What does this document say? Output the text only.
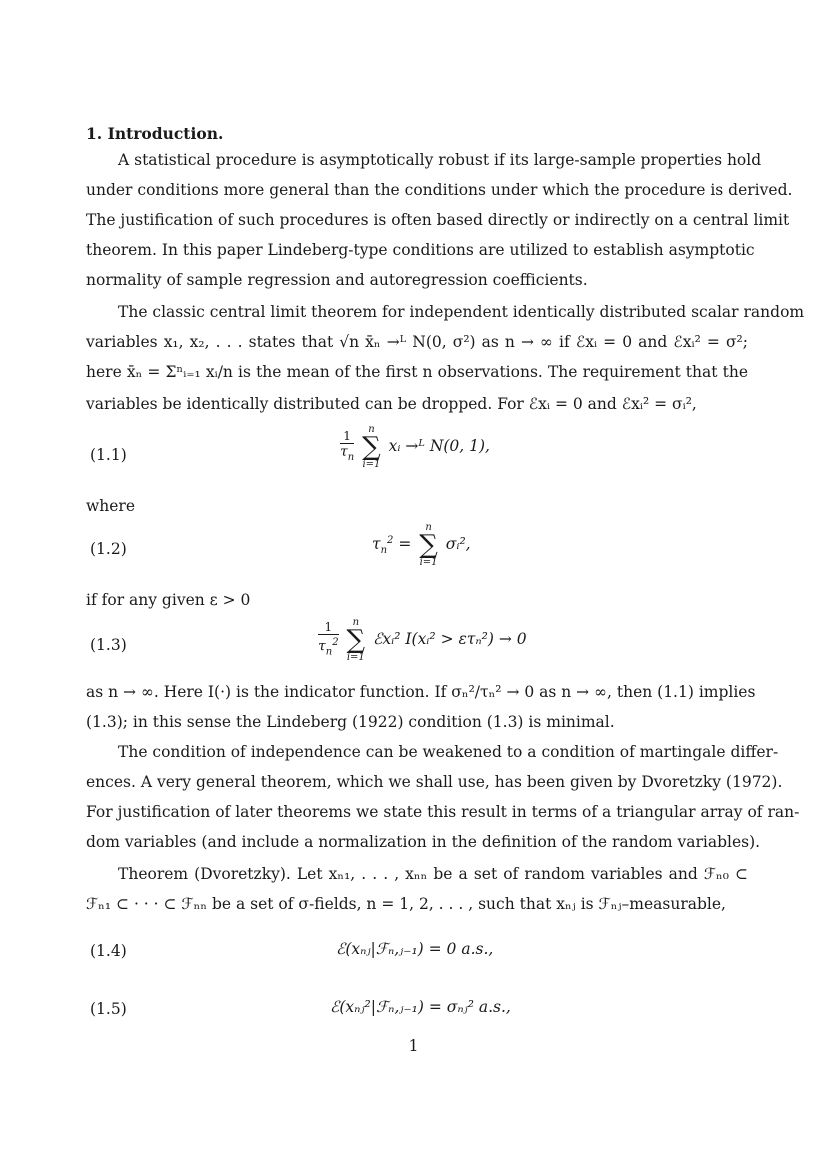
1. Introduction.
A statistical procedure is asymptotically robust if its large-sample properties hold
under conditions more general than the conditions under which the procedure is derived.
The justification of such procedures is often based directly or indirectly on a central limit
theorem. In this paper Lindeberg-type conditions are utilized to establish asymptotic
normality of sample regression and autoregression coefficients.
The classic central limit theorem for independent identically distributed scalar random
variables x₁, x₂, . . . states that √n x̄ₙ →ᴸ N(0, σ²) as n → ∞ if ℰxᵢ = 0 and ℰxᵢ² = σ²;
here x̄ₙ = Σⁿᵢ₌₁ xᵢ/n is the mean of the first n observations. The requirement that the
variables be identically distributed can be dropped. For ℰxᵢ = 0 and ℰxᵢ² = σᵢ²,
(1.1)	$\frac{1}{\tau_n}$
	n
∑
i=1
xᵢ →ᴸ N(0, 1),
where
(1.2)	$\tau_n^2$ =
n
∑
i=1
σᵢ²,
if for any given ε > 0
(1.3)	$\frac{1}{\tau_n^2}$
	n
∑
i=1
ℰxᵢ² I(xᵢ² > ετₙ²) → 0
as n → ∞. Here I(·) is the indicator function. If σₙ²/τₙ² → 0 as n → ∞, then (1.1) implies
(1.3); in this sense the Lindeberg (1922) condition (1.3) is minimal.
The condition of independence can be weakened to a condition of martingale differ-
ences. A very general theorem, which we shall use, has been given by Dvoretzky (1972).
For justification of later theorems we state this result in terms of a triangular array of ran-
dom variables (and include a normalization in the definition of the random variables).
Theorem (Dvoretzky). Let xₙ₁, . . . , xₙₙ be a set of random variables and ℱₙ₀ ⊂
ℱₙ₁ ⊂ · · · ⊂ ℱₙₙ be a set of σ-fields, n = 1, 2, . . . , such that xₙⱼ is ℱₙⱼ–measurable,
(1.4)	ℰ(xₙⱼ|ℱₙ,ⱼ₋₁) = 0 a.s.,
(1.5)	ℰ(xₙⱼ²|ℱₙ,ⱼ₋₁) = σₙⱼ² a.s.,
1
